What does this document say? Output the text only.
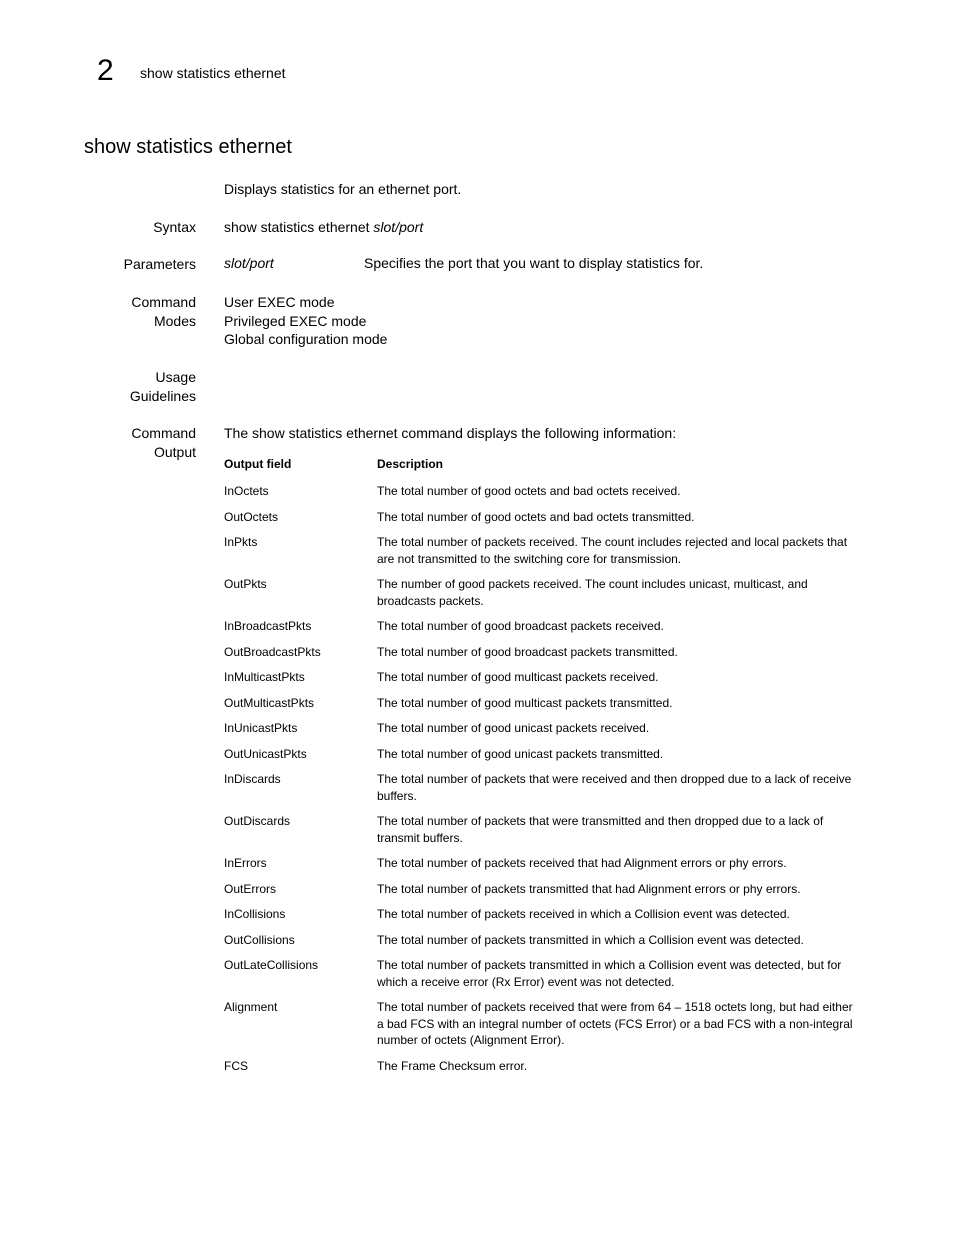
2 show statistics ethernet
show statistics ethernet
Displays statistics for an ethernet port.
Syntax show statistics ethernet slot/port
Parameters slot/port	Specifies the port that you want to display statistics for.
Command
Modes
User EXEC mode
Privileged EXEC mode
Global configuration mode
Usage
Guidelines
Command
Output
The show statistics ethernet command displays the following information:
Output field	Description
InOctets	The total number of good octets and bad octets received.
OutOctets	The total number of good octets and bad octets transmitted.
InPkts	The total number of packets received. The count includes rejected and local packets that are not transmitted to the switching core for transmission.
OutPkts	The number of good packets received. The count includes unicast, multicast, and broadcasts packets.
InBroadcastPkts	The total number of good broadcast packets received.
OutBroadcastPkts	The total number of good broadcast packets transmitted.
InMulticastPkts	The total number of good multicast packets received.
OutMulticastPkts	The total number of good multicast packets transmitted.
InUnicastPkts	The total number of good unicast packets received.
OutUnicastPkts	The total number of good unicast packets transmitted.
InDiscards	The total number of packets that were received and then dropped due to a lack of receive buffers.
OutDiscards	The total number of packets that were transmitted and then dropped due to a lack of transmit buffers.
InErrors	The total number of packets received that had Alignment errors or phy errors.
OutErrors	The total number of packets transmitted that had Alignment errors or phy errors.
InCollisions	The total number of packets received in which a Collision event was detected.
OutCollisions	The total number of packets transmitted in which a Collision event was detected.
OutLateCollisions	The total number of packets transmitted in which a Collision event was detected, but for which a receive error (Rx Error) event was not detected.
Alignment	The total number of packets received that were from 64 – 1518 octets long, but had either a bad FCS with an integral number of octets (FCS Error) or a bad FCS with a non-integral number of octets (Alignment Error).
FCS	The Frame Checksum error.
